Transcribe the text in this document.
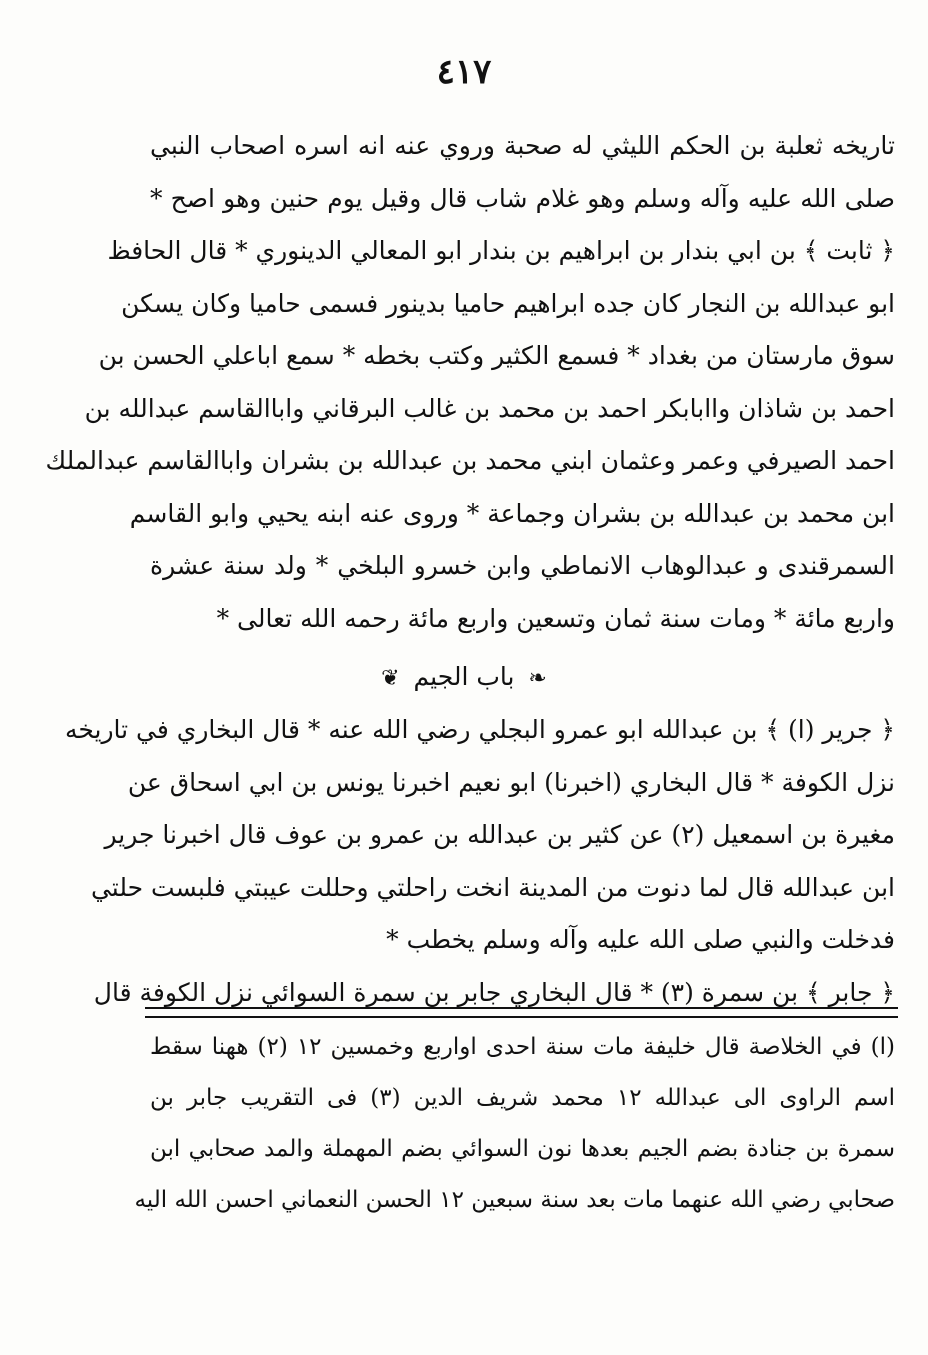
٤١٧
تاريخه ثعلبة بن الحكم الليثي له صحبة وروي عنه انه اسره اصحاب النبي
صلى الله عليه وآله وسلم وهو غلام شاب قال وقيل يوم حنين وهو اصح *
﴿ ثابت ﴾ بن ابي بندار بن ابراهيم بن بندار ابو المعالي الدينوري * قال الحافظ
ابو عبدالله بن النجار كان جده ابراهيم حاميا بدينور فسمى حاميا وكان يسكن
سوق مارستان من بغداد * فسمع الكثير وكتب بخطه * سمع اباعلي الحسن بن
احمد بن شاذان واابابكر احمد بن محمد بن غالب البرقاني واباالقاسم عبدالله بن
احمد الصيرفي وعمر وعثمان ابني محمد بن عبدالله بن بشران واباالقاسم عبدالملك
ابن محمد بن عبدالله بن بشران وجماعة * وروى عنه ابنه يحيي وابو القاسم
السمرقندى و عبدالوهاب الانماطي وابن خسرو البلخي * ولد سنة عشرة
واربع مائة * ومات سنة ثمان وتسعين واربع مائة رحمه الله تعالى *
❧ باب الجيم ❦
﴿ جرير (ا) ﴾ بن عبدالله ابو عمرو البجلي رضي الله عنه * قال البخاري في تاريخه
نزل الكوفة * قال البخاري (اخبرنا) ابو نعيم اخبرنا يونس بن ابي اسحاق عن
مغيرة بن اسمعيل (٢) عن كثير بن عبدالله بن عمرو بن عوف قال اخبرنا جرير
ابن عبدالله قال لما دنوت من المدينة انخت راحلتي وحللت عيبتي فلبست حلتي
فدخلت والنبي صلى الله عليه وآله وسلم يخطب *
﴿ جابر ﴾ بن سمرة (٣) * قال البخاري جابر بن سمرة السوائي نزل الكوفة قال
(ا) في الخلاصة قال خليفة مات سنة احدى اواربع وخمسين ١٢ (٢) ههنا سقط
اسم الراوى الى عبدالله ١٢ محمد شريف الدين (٣) فى التقريب جابر بن
سمرة بن جنادة بضم الجيم بعدها نون السوائي بضم المهملة والمد صحابي ابن
صحابي رضي الله عنهما مات بعد سنة سبعين ١٢ الحسن النعماني احسن الله اليه
